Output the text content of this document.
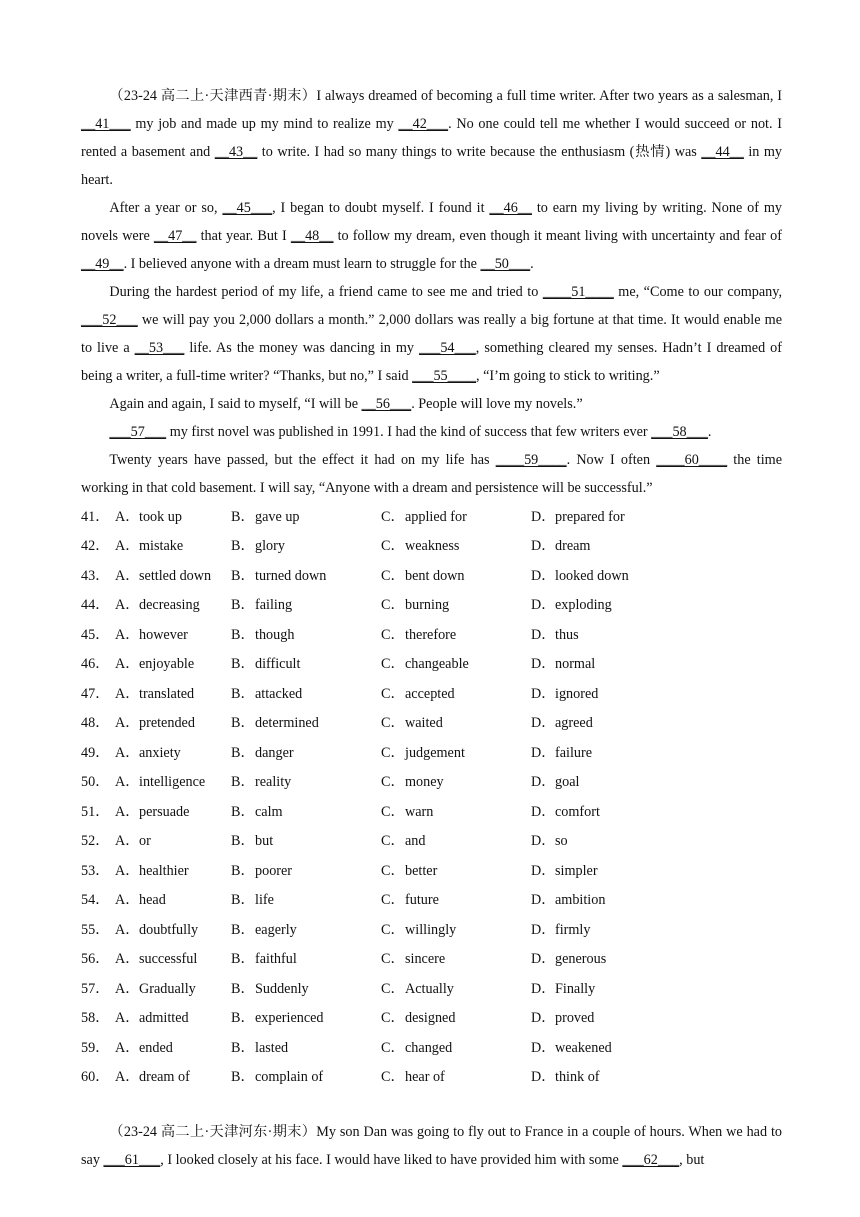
（23-24 高二上·天津西青·期末）I always dreamed of becoming a full time writer. After two years as a salesman, I __41___ my job and made up my mind to realize my __42___. No one could tell me whether I would succeed or not. I rented a basement and __43__ to write. I had so many things to write because the enthusiasm (热情) was __44__ in my heart.

After a year or so, __45___, I began to doubt myself. I found it __46__ to earn my living by writing. None of my novels were __47__ that year. But I __48__ to follow my dream, even though it meant living with uncertainty and fear of __49__. I believed anyone with a dream must learn to struggle for the __50___.

During the hardest period of my life, a friend came to see me and tried to ____51____ me, “Come to our company, ___52___ we will pay you 2,000 dollars a month.” 2,000 dollars was really a big fortune at that time. It would enable me to live a __53___ life. As the money was dancing in my ___54___, something cleared my senses. Hadn’t I dreamed of being a writer, a full-time writer? “Thanks, but no,” I said ___55____, “I’m going to stick to writing.”

Again and again, I said to myself, “I will be __56___. People will love my novels.”

___57___ my first novel was published in 1991. I had the kind of success that few writers ever ___58___.

Twenty years have passed, but the effect it had on my life has ____59____. Now I often ____60____ the time working in that cold basement. I will say, “Anyone with a dream and persistence will be successful.”

41． A． took up	B． gave up	C． applied for	D． prepared for
42． A． mistake	B． glory	C． weakness	D． dream
43． A． settled down B． turned down	C． bent down	D． looked down
44． A． decreasing B． failing	C． burning	D． exploding
45． A． however	B． though	C． therefore	D． thus
46． A． enjoyable	B． difficult	C． changeable	D． normal
47． A． translated	B． attacked	C． accepted	D． ignored
48． A． pretended	B． determined	C． waited	D． agreed
49． A． anxiety	B． danger	C． judgement	D． failure
50． A． intelligence B． reality	C． money	D． goal
51． A． persuade	B． calm	C． warn	D． comfort
52． A． or	B． but	C． and	D． so
53． A． healthier	B． poorer	C． better	D． simpler
54． A． head	B． life	C． future	D． ambition
55． A． doubtfully B． eagerly	C． willingly	D． firmly
56． A． successful B． faithful	C． sincere	D． generous
57． A． Gradually B． Suddenly	C． Actually	D． Finally
58． A． admitted	B． experienced	C． designed	D． proved
59． A． ended	B． lasted	C． changed	D． weakened
60． A． dream of	B． complain of	C． hear of	D． think of

（23-24 高二上·天津河东·期末）My son Dan was going to fly out to France in a couple of hours. When we had to say ___61___, I looked closely at his face. I would have liked to have provided him with some ___62___, but
